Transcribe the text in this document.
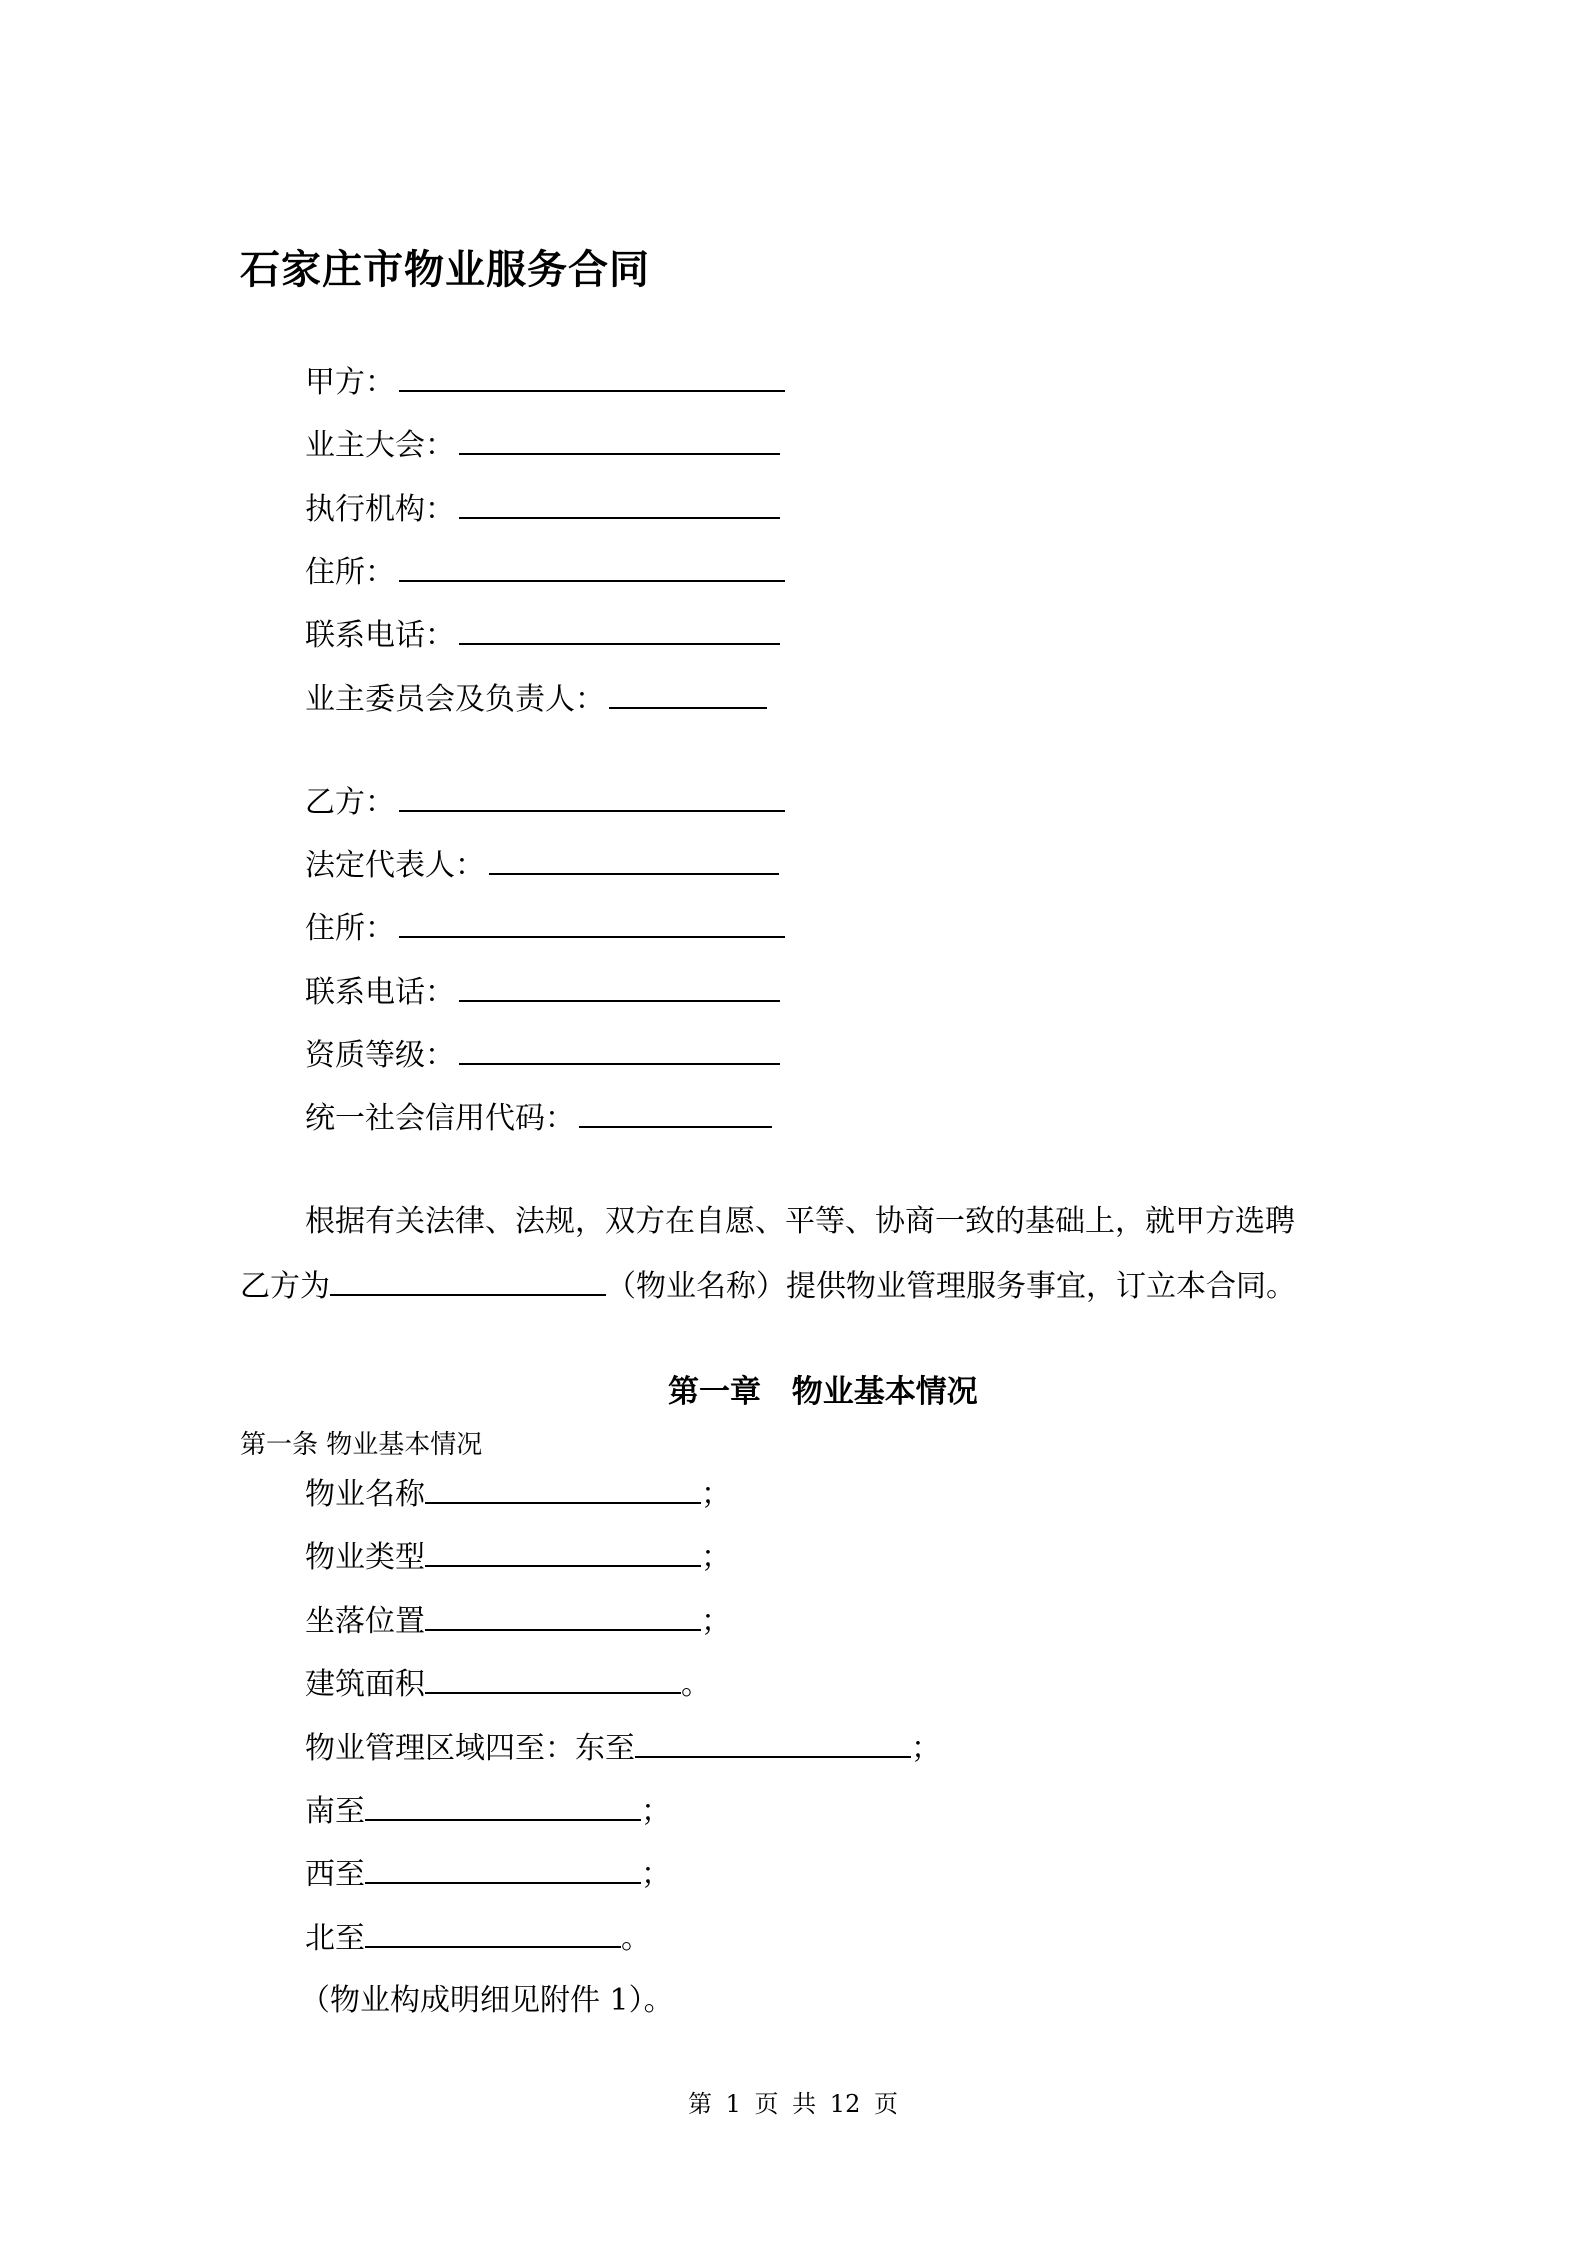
石家庄市物业服务合同
甲方：
业主大会：
执行机构：
住所：
联系电话：
业主委员会及负责人：
乙方：
法定代表人：
住所：
联系电话：
资质等级：
统一社会信用代码：
根据有关法律、法规，双方在自愿、平等、协商一致的基础上，就甲方选聘
乙方为	（物业名称）提供物业管理服务事宜，订立本合同。
第一章 物业基本情况
第一条 物业基本情况
物业名称	；
物业类型	；
坐落位置	；
建筑面积	。
物业管理区域四至：东至	；
南至	；
西至	；
北至	。
（物业构成明细见附件 1）。
第 1 页 共 12 页
